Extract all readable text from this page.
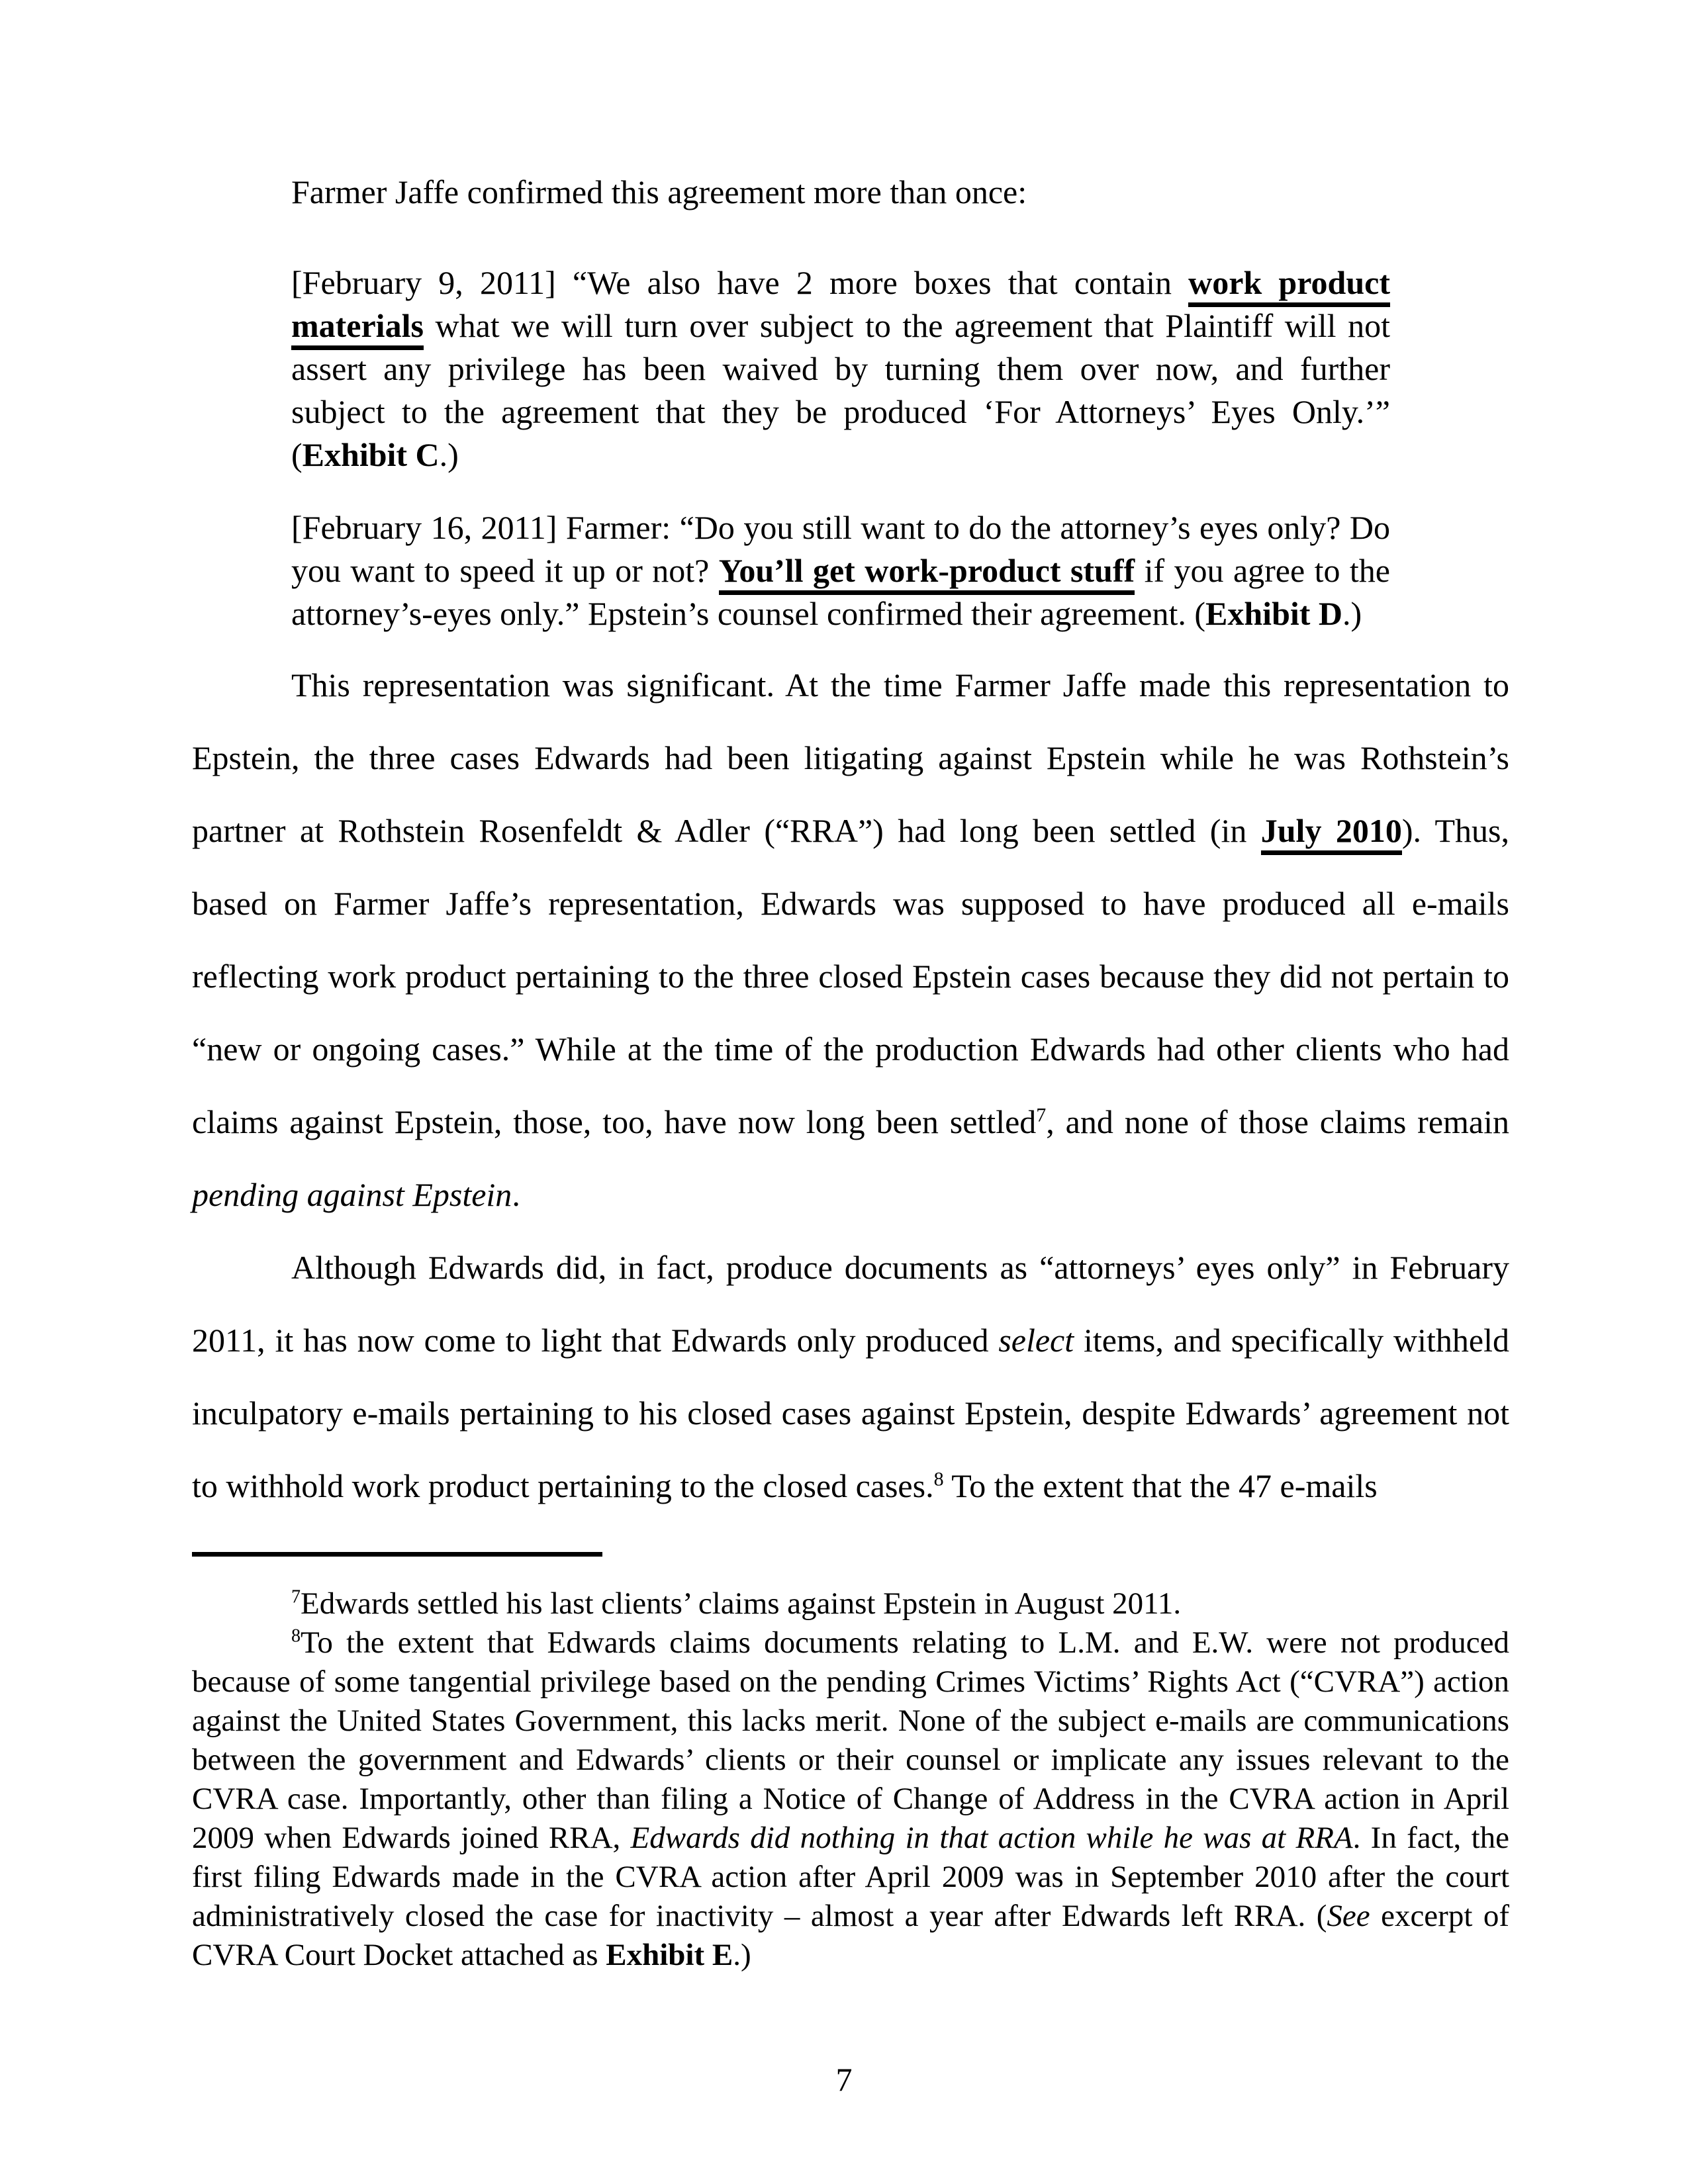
Farmer Jaffe confirmed this agreement more than once:

[February 9, 2011] “We also have 2 more boxes that contain work product materials what we will turn over subject to the agreement that Plaintiff will not assert any privilege has been waived by turning them over now, and further subject to the agreement that they be produced ‘For Attorneys’ Eyes Only.’” (Exhibit C.)
[February 16, 2011] Farmer: “Do you still want to do the attorney’s eyes only? Do you want to speed it up or not? You’ll get work-product stuff if you agree to the attorney’s-eyes only.” Epstein’s counsel confirmed their agreement. (Exhibit D.)

This representation was significant. At the time Farmer Jaffe made this representation to Epstein, the three cases Edwards had been litigating against Epstein while he was Rothstein’s partner at Rothstein Rosenfeldt & Adler (“RRA”) had long been settled (in July 2010). Thus, based on Farmer Jaffe’s representation, Edwards was supposed to have produced all e-mails reflecting work product pertaining to the three closed Epstein cases because they did not pertain to “new or ongoing cases.” While at the time of the production Edwards had other clients who had claims against Epstein, those, too, have now long been settled$^7$, and none of those claims remain pending against Epstein.

Although Edwards did, in fact, produce documents as “attorneys’ eyes only” in February 2011, it has now come to light that Edwards only produced select items, and specifically withheld inculpatory e-mails pertaining to his closed cases against Epstein, despite Edwards’ agreement not to withhold work product pertaining to the closed cases.$^8$ To the extent that the 47 e-mails

$^7$Edwards settled his last clients’ claims against Epstein in August 2011.

$^8$To the extent that Edwards claims documents relating to L.M. and E.W. were not produced because of some tangential privilege based on the pending Crimes Victims’ Rights Act (“CVRA”) action against the United States Government, this lacks merit. None of the subject e-mails are communications between the government and Edwards’ clients or their counsel or implicate any issues relevant to the CVRA case. Importantly, other than filing a Notice of Change of Address in the CVRA action in April 2009 when Edwards joined RRA, Edwards did nothing in that action while he was at RRA. In fact, the first filing Edwards made in the CVRA action after April 2009 was in September 2010 after the court administratively closed the case for inactivity – almost a year after Edwards left RRA. (See excerpt of CVRA Court Docket attached as Exhibit E.)

7
